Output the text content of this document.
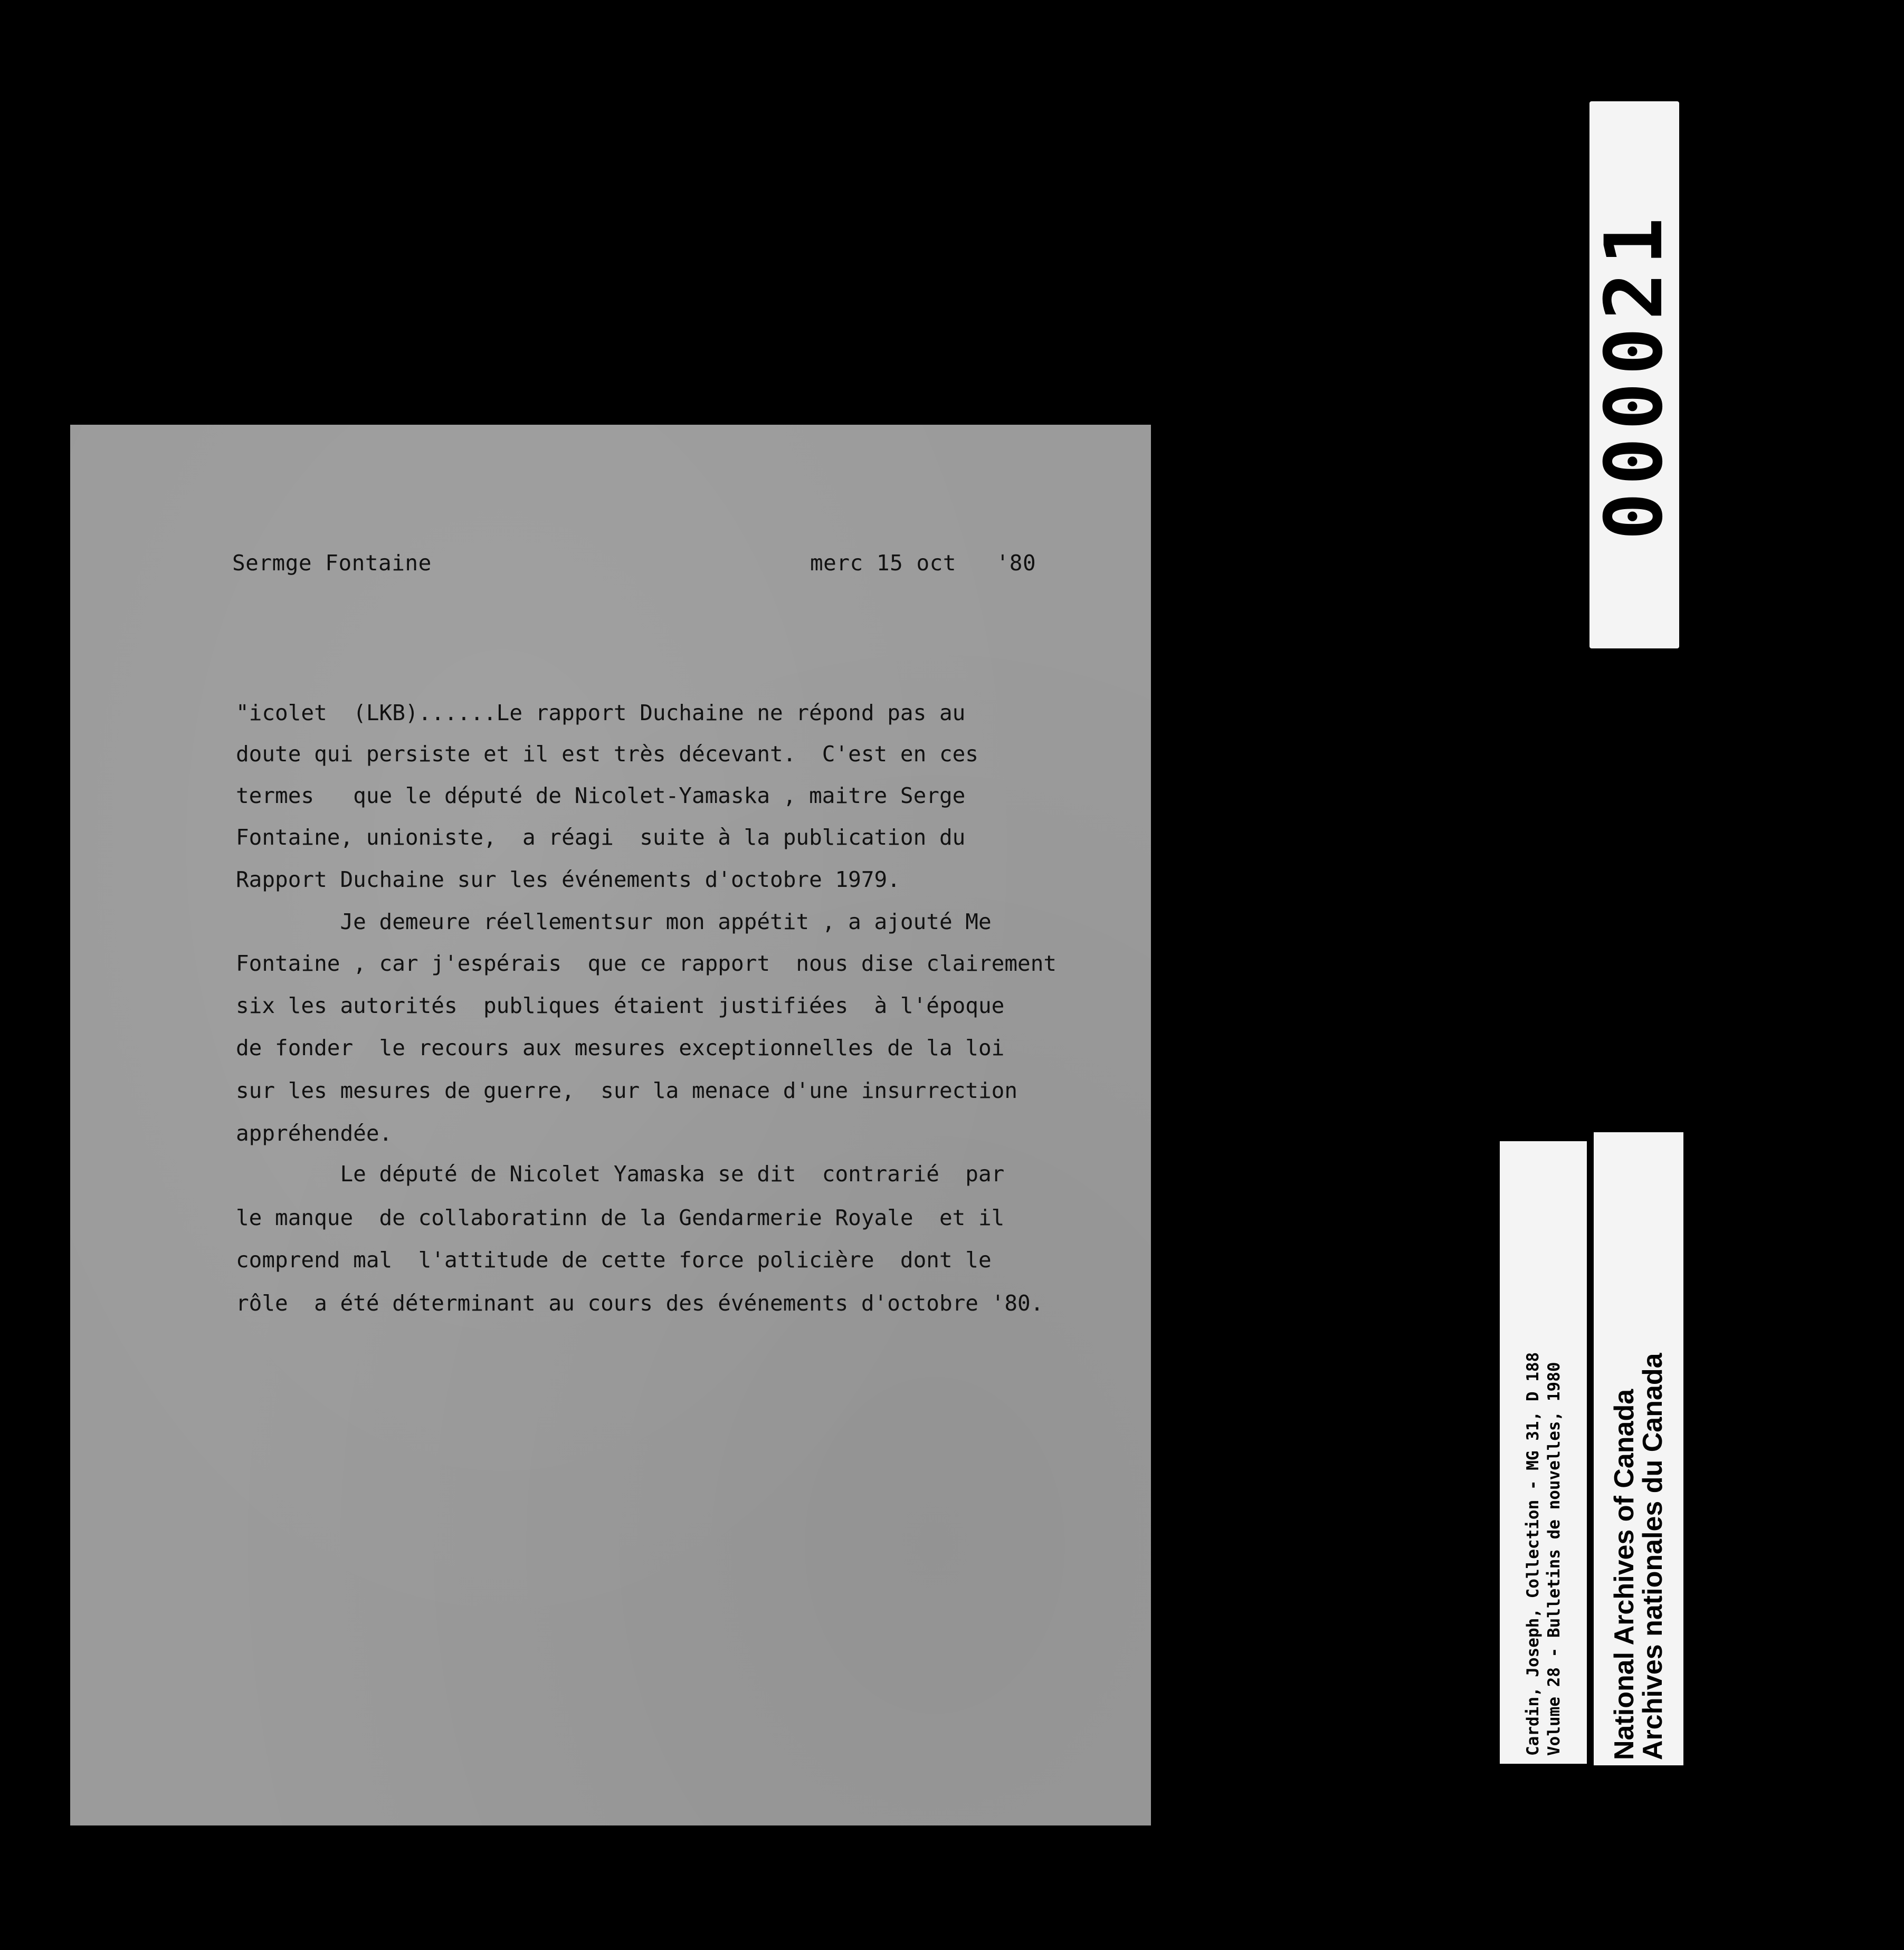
Sermge Fontaine	merc 15 oct   '80
"icolet  (LKB)......Le rapport Duchaine ne répond pas au
doute qui persiste et il est très décevant.  C'est en ces
termes   que le député de Nicolet-Yamaska , maitre Serge
Fontaine, unioniste,  a réagi  suite à la publication du
Rapport Duchaine sur les événements d'octobre 1979.
Je demeure réellementsur mon appétit , a ajouté Me
Fontaine , car j'espérais  que ce rapport  nous dise clairement
six les autorités  publiques étaient justifiées  à l'époque
de fonder  le recours aux mesures exceptionnelles de la loi
sur les mesures de guerre,  sur la menace d'une insurrection
appréhendée.
Le député de Nicolet Yamaska se dit  contrarié  par
le manque  de collaboratinn de la Gendarmerie Royale  et il
comprend mal  l'attitude de cette force policière  dont le
rôle  a été déterminant au cours des événements d'octobre '80.
000021
Cardin, Joseph, Collection - MG 31, D 188 Volume 28 - Bulletins de nouvelles, 1980 National Archives of Canada
Archives nationales du Canada
